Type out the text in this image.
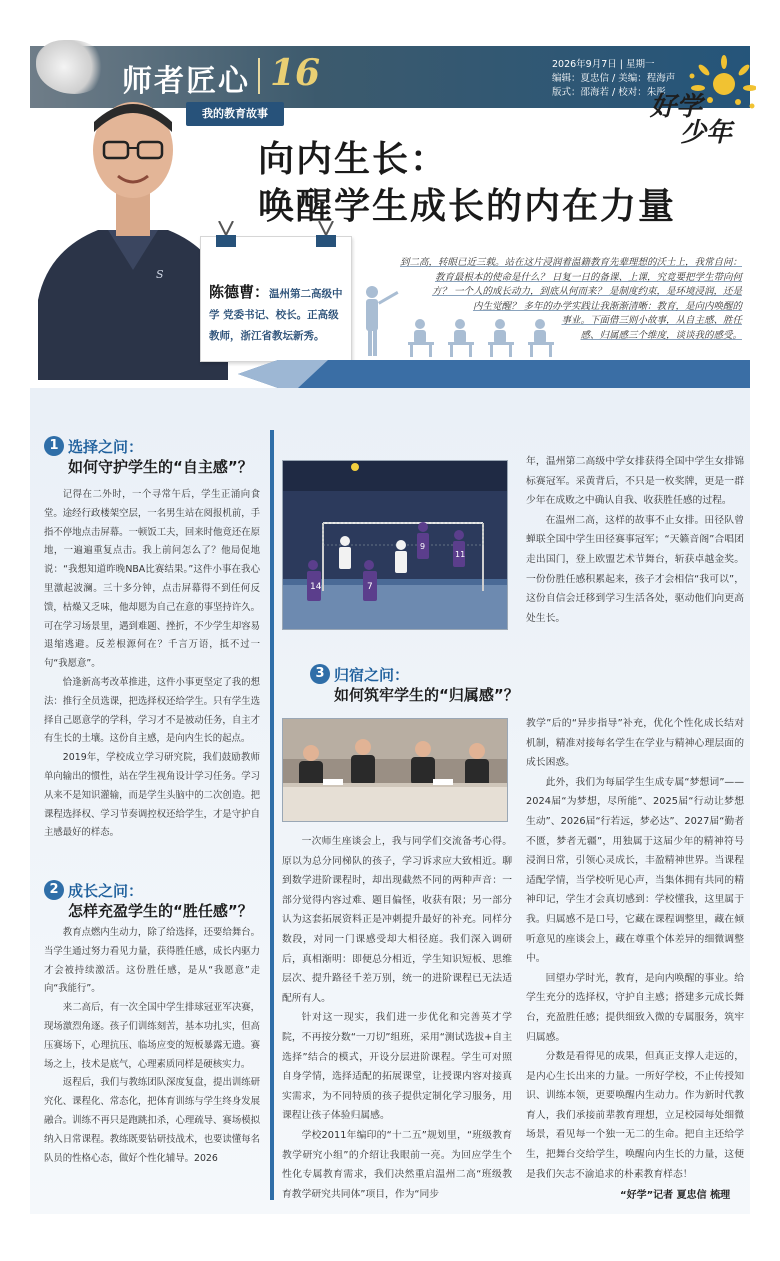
师者匠心 16	2026年9月7日 | 星期一
编辑：夏忠信 / 美编：程海声
版式：邵海若 / 校对：朱彤
好学
少年
S
我的教育故事
向内生长：
唤醒学生成长的内在力量
陈德曹：温州第二高级中学 党委书记、校长。正高级教师，浙江省教坛新秀。
到二高，转眼已近三载。站在这片浸润着温籍教育先辈理想的沃土上，我常自问：
教育最根本的使命是什么？ 日复一日的备课、上课，究竟要把学生带向何
方？ 一个人的成长动力，到底从何而来？ 是制度约束，是环境浸润，还是
内生觉醒？ 多年的办学实践让我渐渐清晰：教育，是向内唤醒的
事业。下面借三则小故事，从自主感、胜任
感、归属感三个维度，谈谈我的感受。
1 选择之问：
如何守护学生的“自主感”？

记得在二外时，一个寻常午后，学生正涌向食堂。途经行政楼架空层，一名男生站在阅报机前，手指不停地点击屏幕。一顿饭工夫，回来时他竟还在原地，一遍遍重复点击。我上前问怎么了？他局促地说：“我想知道昨晚NBA比赛结果。”这件小事在我心里激起波澜。三十多分钟，点击屏幕得不到任何反馈，枯燥又乏味，他却愿为自己在意的事坚持许久。可在学习场景里，遇到难题、挫折，不少学生却容易退缩逃避。反差根源何在？千言万语，抵不过一句“我愿意”。

恰逢新高考改革推进，这件小事更坚定了我的想法：推行全员选课，把选择权还给学生。只有学生选择自己愿意学的学科，学习才不是被动任务，自主才有生长的土壤。这份自主感，是向内生长的起点。

2019年，学校成立学习研究院，我们鼓励教师单向输出的惯性，站在学生视角设计学习任务。学习从来不是知识灌输，而是学生头脑中的二次创造。把课程选择权、学习节奏调控权还给学生，才是守护自主感最好的样态。

2 成长之问：
怎样充盈学生的“胜任感”？

教育点燃内生动力，除了给选择，还要给舞台。当学生通过努力看见力量，获得胜任感，成长内驱力才会被持续激活。这份胜任感，是从“我愿意”走向“我能行”。

来二高后，有一次全国中学生排球冠亚军决赛，现场激烈角逐。孩子们训练刻苦，基本功扎实，但高压赛场下，心理抗压、临场应变的短板暴露无遗。赛场之上，技术是底气，心理素质同样是硬核实力。

返程后，我们与教练团队深度复盘，提出训练研究化、课程化、常态化，把体育训练与学生终身发展融合。训练不再只是跑跳扣杀，心理疏导、赛场模拟纳入日常课程。教练既要钻研技战术，也要读懂每名队员的性格心态，做好个性化辅导。2026

14	7
9
11

年，温州第二高级中学女排获得全国中学生女排锦标赛冠军。采黄背后，不只是一枚奖牌，更是一群少年在成败之中确认自我、收获胜任感的过程。

在温州二高，这样的故事不止女排。田径队曾蝉联全国中学生田径赛事冠军；“天籁音阁”合唱团走出国门，登上欧盟艺术节舞台，斩获卓越金奖。一份份胜任感积累起来，孩子才会相信“我可以”，这份自信会迁移到学习生活各处，驱动他们向更高处生长。

3 归宿之问：
如何筑牢学生的“归属感”？

一次师生座谈会上，我与同学们交流备考心得。原以为总分同梯队的孩子，学习诉求应大致相近。聊到数学进阶课程时，却出现截然不同的两种声音：一部分觉得内容过难、题目偏怪，收获有限；另一部分认为这套拓展资料正是冲刺提升最好的补充。同样分数段，对同一门课感受却大相径庭。我们深入调研后，真相渐明：即便总分相近，学生知识短板、思维层次、提升路径千差万别，统一的进阶课程已无法适配所有人。

针对这一现实，我们进一步优化和完善英才学院，不再按分数“一刀切”组班，采用“测试选拔+自主选择”结合的模式，开设分层进阶课程。学生可对照自身学情，选择适配的拓展课堂，让授课内容对接真实需求，为不同特质的孩子提供定制化学习服务，用课程让孩子体验归属感。

学校2011年编印的“十二五”规划里，“班级教育教学研究小组”的介绍让我眼前一亮。为回应学生个性化专属教育需求，我们决然重启温州二高“班级教育教学研究共同体”项目，作为“同步

教学”后的“异步指导”补充，优化个性化成长结对机制，精准对接每名学生在学业与精神心理层面的成长困惑。

此外，我们为每届学生生成专属“梦想词”——2024届“为梦想，尽所能”、2025届“行动让梦想生动”、2026届“行若远，梦必达”、2027届“勤者不匮，梦者无疆”，用独属于这届少年的精神符号浸润日常，引领心灵成长，丰盈精神世界。当课程适配学情，当学校听见心声，当集体拥有共同的精神印记，学生才会真切感到：学校懂我，这里属于我。归属感不是口号，它藏在课程调整里，藏在倾听意见的座谈会上，藏在尊重个体差异的细微调整中。

回望办学时光，教育，是向内唤醒的事业。给学生充分的选择权，守护自主感；搭建多元成长舞台，充盈胜任感；提供细致入微的专属服务，筑牢归属感。

分数是看得见的成果，但真正支撑人走远的，是内心生长出来的力量。一所好学校，不止传授知识、训练本领，更要唤醒内生动力。作为新时代教育人，我们承接前辈教育理想，立足校园每处细微场景，看见每一个独一无二的生命。把自主还给学生，把舞台交给学生，唤醒向内生长的力量，这便是我们矢志不渝追求的朴素教育样态！

“好学”记者 夏忠信 梳理
